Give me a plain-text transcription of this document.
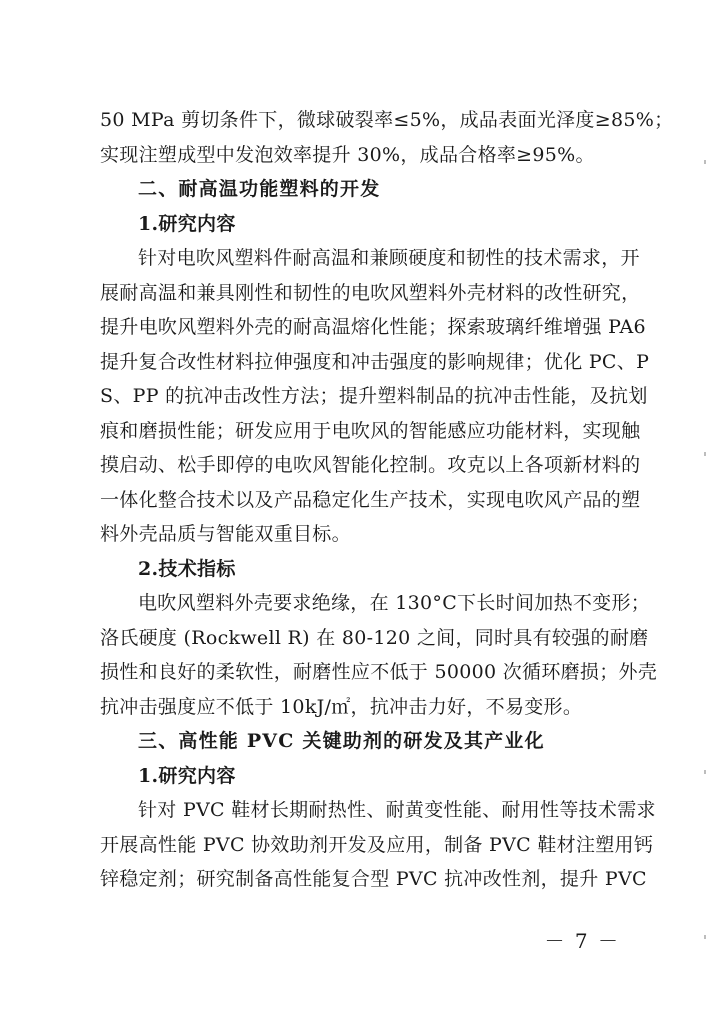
50 MPa 剪切条件下，微球破裂率≤5%，成品表面光泽度≥85%；
实现注塑成型中发泡效率提升 30%，成品合格率≥95%。
二、耐高温功能塑料的开发
1.研究内容
针对电吹风塑料件耐高温和兼顾硬度和韧性的技术需求，开
展耐高温和兼具刚性和韧性的电吹风塑料外壳材料的改性研究，
提升电吹风塑料外壳的耐高温熔化性能；探索玻璃纤维增强 PA6
提升复合改性材料拉伸强度和冲击强度的影响规律；优化 PC、P
S、PP 的抗冲击改性方法；提升塑料制品的抗冲击性能，及抗划
痕和磨损性能；研发应用于电吹风的智能感应功能材料，实现触
摸启动、松手即停的电吹风智能化控制。攻克以上各项新材料的
一体化整合技术以及产品稳定化生产技术，实现电吹风产品的塑
料外壳品质与智能双重目标。
2.技术指标
电吹风塑料外壳要求绝缘，在 130°C下长时间加热不变形；
洛氏硬度 (Rockwell R) 在 80-120 之间，同时具有较强的耐磨
损性和良好的柔软性，耐磨性应不低于 50000 次循环磨损；外壳
抗冲击强度应不低于 10kJ/㎡，抗冲击力好，不易变形。
三、高性能 PVC 关键助剂的研发及其产业化
1.研究内容
针对 PVC 鞋材长期耐热性、耐黄变性能、耐用性等技术需求
开展高性能 PVC 协效助剂开发及应用，制备 PVC 鞋材注塑用钙
锌稳定剂；研究制备高性能复合型 PVC 抗冲改性剂，提升 PVC
－ 7 －
